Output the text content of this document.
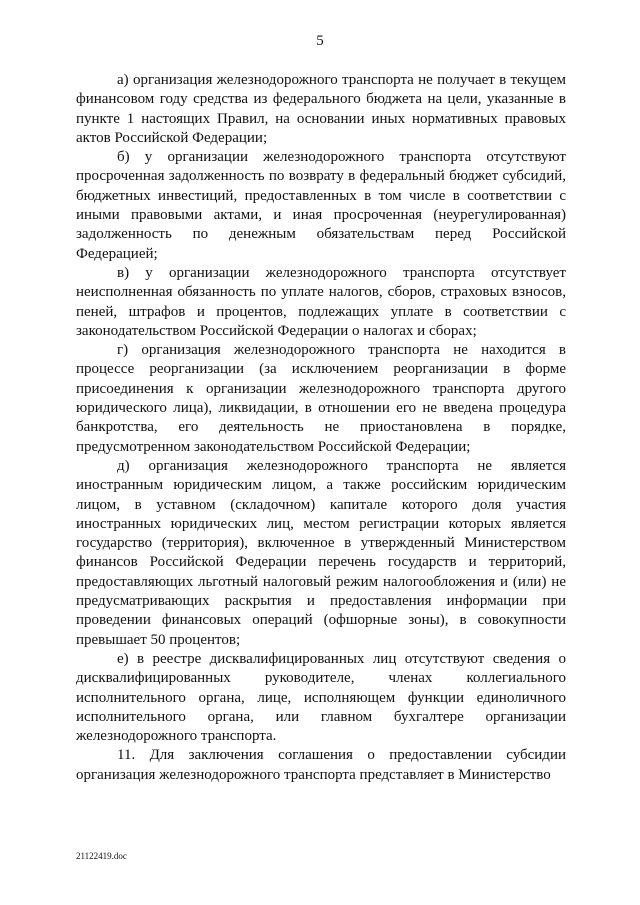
5

а) организация железнодорожного транспорта не получает в текущем финансовом году средства из федерального бюджета на цели, указанные в пункте 1 настоящих Правил, на основании иных нормативных правовых актов Российской Федерации;

б) у организации железнодорожного транспорта отсутствуют просроченная задолженность по возврату в федеральный бюджет субсидий, бюджетных инвестиций, предоставленных в том числе в соответствии с иными правовыми актами, и иная просроченная (неурегулированная) задолженность по денежным обязательствам перед Российской Федерацией;

в) у организации железнодорожного транспорта отсутствует неисполненная обязанность по уплате налогов, сборов, страховых взносов, пеней, штрафов и процентов, подлежащих уплате в соответствии с законодательством Российской Федерации о налогах и сборах;

г) организация железнодорожного транспорта не находится в процессе реорганизации (за исключением реорганизации в форме присоединения к организации железнодорожного транспорта другого юридического лица), ликвидации, в отношении его не введена процедура банкротства, его деятельность не приостановлена в порядке, предусмотренном законодательством Российской Федерации;

д) организация железнодорожного транспорта не является иностранным юридическим лицом, а также российским юридическим лицом, в уставном (складочном) капитале которого доля участия иностранных юридических лиц, местом регистрации которых является государство (территория), включенное в утвержденный Министерством финансов Российской Федерации перечень государств и территорий, предоставляющих льготный налоговый режим налогообложения и (или) не предусматривающих раскрытия и предоставления информации при проведении финансовых операций (офшорные зоны), в совокупности превышает 50 процентов;

е) в реестре дисквалифицированных лиц отсутствуют сведения о дисквалифицированных руководителе, членах коллегиального исполнительного органа, лице, исполняющем функции единоличного исполнительного органа, или главном бухгалтере организации железнодорожного транспорта.

11. Для заключения соглашения о предоставлении субсидии организация железнодорожного транспорта представляет в Министерство

21122419.doc
